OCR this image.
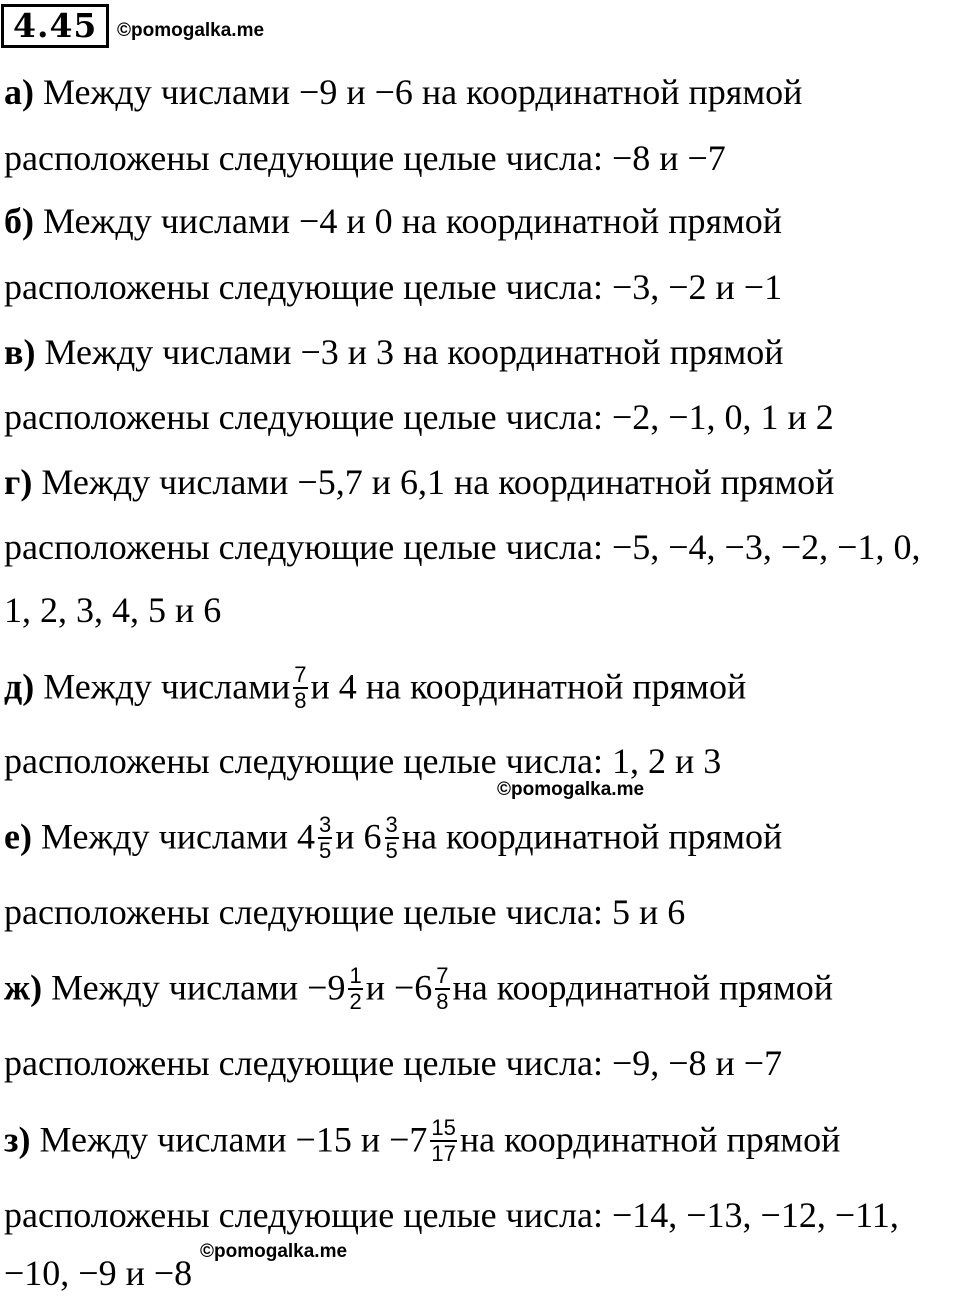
4.45	©pomogalka.me
а) Между числами −9 и −6 на координатной прямой
расположены следующие целые числа: −8 и −7
б) Между числами −4 и 0 на координатной прямой
расположены следующие целые числа: −3, −2 и −1
в) Между числами −3 и 3 на координатной прямой
расположены следующие целые числа: −2, −1, 0, 1 и 2
г) Между числами −5,7 и 6,1 на координатной прямой
расположены следующие целые числа: −5, −4, −3, −2, −1, 0,
1, 2, 3, 4, 5 и 6
д) Между числами $\frac{7}{8}$ и 4 на координатной прямой
расположены следующие целые числа: 1, 2 и 3
©pomogalka.me
е) Между числами $4 \frac{3}{5}$ и $6 \frac{3}{5}$ на координатной прямой
расположены следующие целые числа: 5 и 6
ж) Между числами $-9 \frac{1}{2}$ $и -6 \frac{7}{8}$ на координатной прямой
расположены следующие целые числа: −9, −8 и −7
з) Между числами −15 $и -7 \frac{15}{17}$ на координатной прямой
расположены следующие целые числа: −14, −13, −12, −11,
−10, −9 и −8
©pomogalka.me
